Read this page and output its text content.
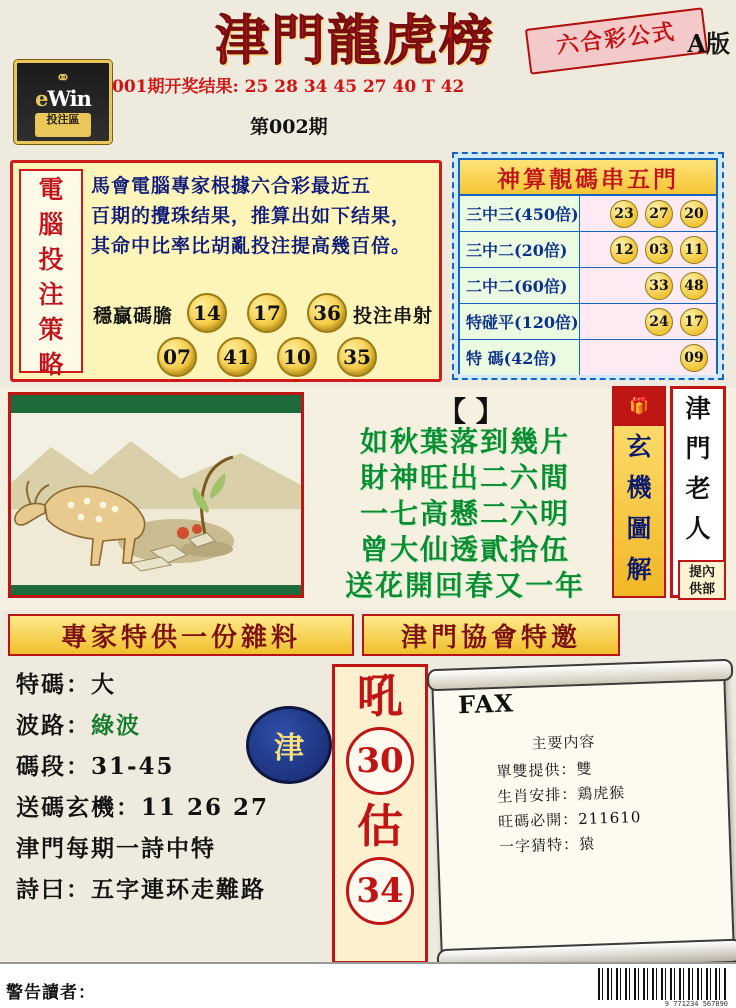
津門龍虎榜	六合彩公式 A版
⚭
eWin
投注區
001期开奖结果: 25 28 34 45 27 40 T 42
第002期
電
腦
投
注
策
略
馬會電腦專家根據六合彩最近五
百期的攪珠结果，推算出如下结果，
其命中比率比胡亂投注提高幾百倍。
穩贏碼膽	投注串射
14	17	36
07	41	10	35
神算靚碼串五門
三中三(450倍)	23	27	20
三中二(20倍)	12	03	11
二中二(60倍)	33	48
特碰平(120倍)	24	17
特 碼(42倍)	09
【 】
如秋葉落到幾片
財神旺出二六間
一七高懸二六明
曾大仙透貳拾伍
送花開回春又一年
🎁
玄
機
圖
解
津
門
老
人
提內
供部
專家特供一份雜料	津門協會特邀
特碼：大
波路：綠波
碼段：31-45
送碼玄機：11 26 27
津門每期一詩中特
詩曰：五字連环走難路
津
吼
30
估
34
FAX
主要内容
單雙提供：雙
生肖安排：鶏虎猴
旺碼必開：211610
一字猜特：猿
警告讀者：
9 771234 567890
